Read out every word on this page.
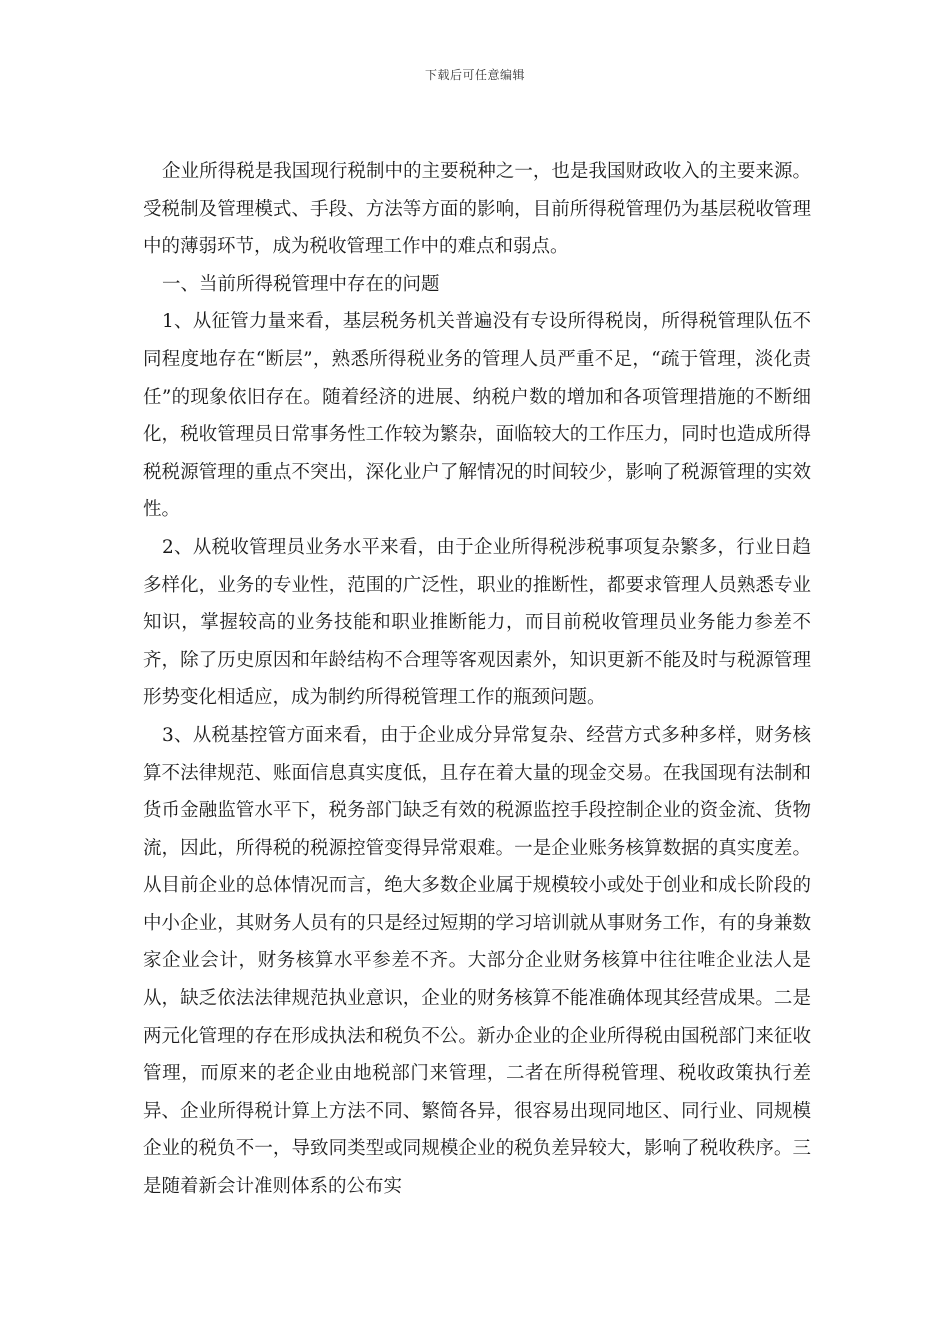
下载后可任意编辑

企业所得税是我国现行税制中的主要税种之一，也是我国财政收入的主要来源。受税制及管理模式、手段、方法等方面的影响，目前所得税管理仍为基层税收管理中的薄弱环节，成为税收管理工作中的难点和弱点。

一、当前所得税管理中存在的问题

1、从征管力量来看，基层税务机关普遍没有专设所得税岗，所得税管理队伍不同程度地存在“断层”，熟悉所得税业务的管理人员严重不足，“疏于管理，淡化责任”的现象依旧存在。随着经济的进展、纳税户数的增加和各项管理措施的不断细化，税收管理员日常事务性工作较为繁杂，面临较大的工作压力，同时也造成所得税税源管理的重点不突出，深化业户了解情况的时间较少，影响了税源管理的实效性。

2、从税收管理员业务水平来看，由于企业所得税涉税事项复杂繁多，行业日趋多样化，业务的专业性，范围的广泛性，职业的推断性，都要求管理人员熟悉专业知识，掌握较高的业务技能和职业推断能力，而目前税收管理员业务能力参差不齐，除了历史原因和年龄结构不合理等客观因素外，知识更新不能及时与税源管理形势变化相适应，成为制约所得税管理工作的瓶颈问题。

3、从税基控管方面来看，由于企业成分异常复杂、经营方式多种多样，财务核算不法律规范、账面信息真实度低，且存在着大量的现金交易。在我国现有法制和货币金融监管水平下，税务部门缺乏有效的税源监控手段控制企业的资金流、货物流，因此，所得税的税源控管变得异常艰难。一是企业账务核算数据的真实度差。从目前企业的总体情况而言，绝大多数企业属于规模较小或处于创业和成长阶段的中小企业，其财务人员有的只是经过短期的学习培训就从事财务工作，有的身兼数家企业会计，财务核算水平参差不齐。大部分企业财务核算中往往唯企业法人是从，缺乏依法法律规范执业意识，企业的财务核算不能准确体现其经营成果。二是两元化管理的存在形成执法和税负不公。新办企业的企业所得税由国税部门来征收管理，而原来的老企业由地税部门来管理，二者在所得税管理、税收政策执行差异、企业所得税计算上方法不同、繁简各异，很容易出现同地区、同行业、同规模企业的税负不一，导致同类型或同规模企业的税负差异较大，影响了税收秩序。三是随着新会计准则体系的公布实
